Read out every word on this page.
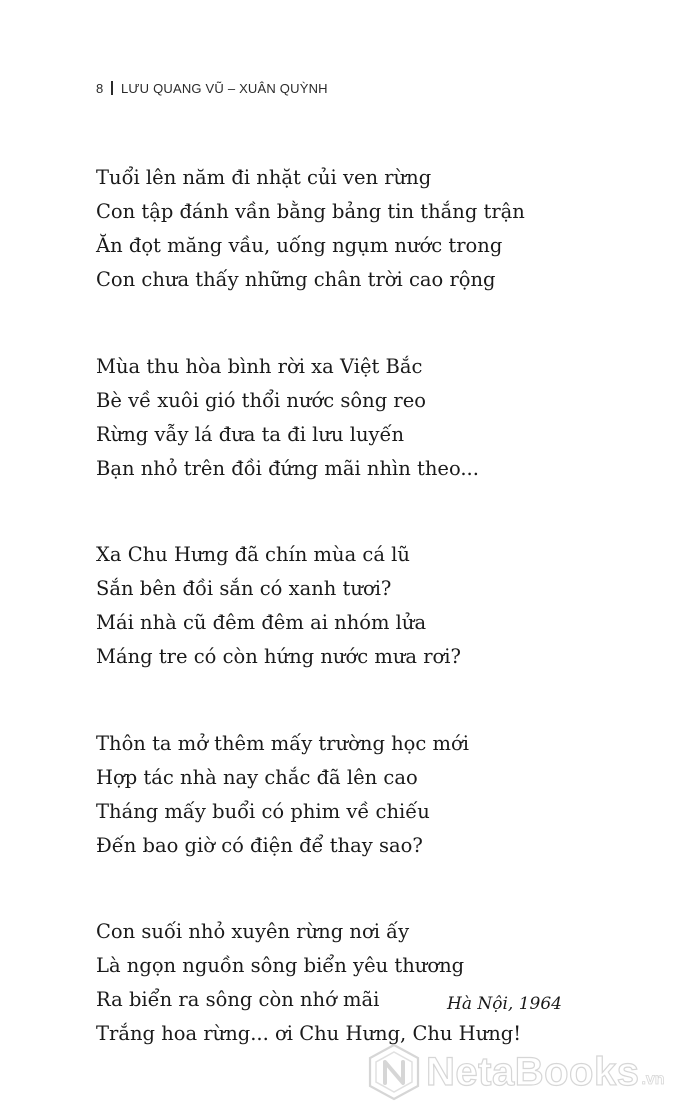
8 LƯU QUANG VŨ – XUÂN QUỲNH
Tuổi lên năm đi nhặt củi ven rừng
Con tập đánh vần bằng bảng tin thắng trận
Ăn đọt măng vầu, uống ngụm nước trong
Con chưa thấy những chân trời cao rộng
Mùa thu hòa bình rời xa Việt Bắc
Bè về xuôi gió thổi nước sông reo
Rừng vẫy lá đưa ta đi lưu luyến
Bạn nhỏ trên đồi đứng mãi nhìn theo...
Xa Chu Hưng đã chín mùa cá lũ
Sắn bên đồi sắn có xanh tươi?
Mái nhà cũ đêm đêm ai nhóm lửa
Máng tre có còn hứng nước mưa rơi?
Thôn ta mở thêm mấy trường học mới
Hợp tác nhà nay chắc đã lên cao
Tháng mấy buổi có phim về chiếu
Đến bao giờ có điện để thay sao?
Con suối nhỏ xuyên rừng nơi ấy
Là ngọn nguồn sông biển yêu thương
Ra biển ra sông còn nhớ mãi
Trắng hoa rừng... ơi Chu Hưng, Chu Hưng!
Hà Nội, 1964
NetaBooks .vn
